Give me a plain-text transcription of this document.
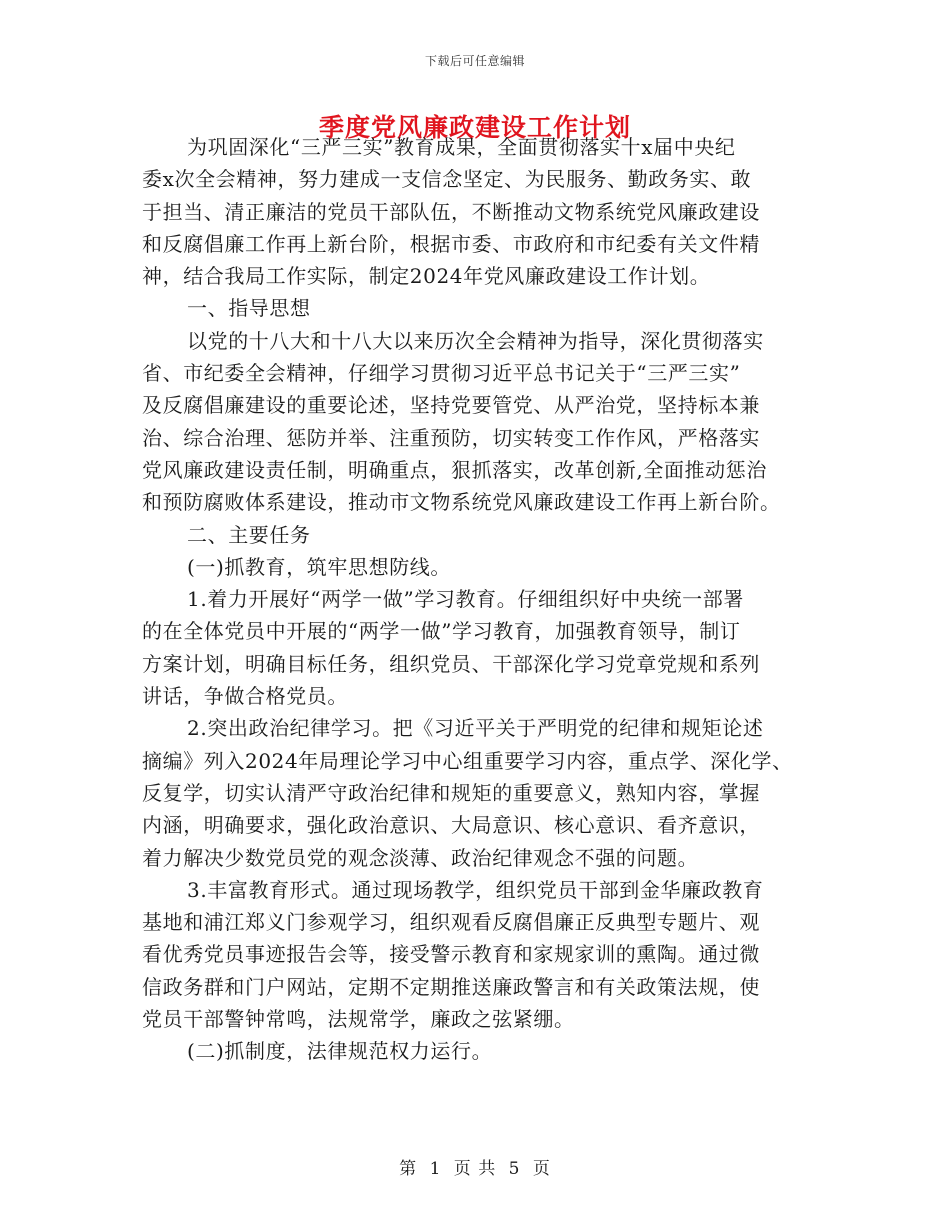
下载后可任意编辑
季度党风廉政建设工作计划
为巩固深化“三严三实”教育成果，全面贯彻落实十x届中央纪
委x次全会精神，努力建成一支信念坚定、为民服务、勤政务实、敢
于担当、清正廉洁的党员干部队伍，不断推动文物系统党风廉政建设
和反腐倡廉工作再上新台阶，根据市委、市政府和市纪委有关文件精
神，结合我局工作实际，制定2024年党风廉政建设工作计划。
一、指导思想
以党的十八大和十八大以来历次全会精神为指导，深化贯彻落实
省、市纪委全会精神，仔细学习贯彻习近平总书记关于“三严三实”
及反腐倡廉建设的重要论述，坚持党要管党、从严治党，坚持标本兼
治、综合治理、惩防并举、注重预防，切实转变工作作风，严格落实
党风廉政建设责任制，明确重点，狠抓落实，改革创新,全面推动惩治
和预防腐败体系建设，推动市文物系统党风廉政建设工作再上新台阶。
二、主要任务
(一)抓教育，筑牢思想防线。
1.着力开展好“两学一做”学习教育。仔细组织好中央统一部署
的在全体党员中开展的“两学一做”学习教育，加强教育领导，制订
方案计划，明确目标任务，组织党员、干部深化学习党章党规和系列
讲话，争做合格党员。
2.突出政治纪律学习。把《习近平关于严明党的纪律和规矩论述
摘编》列入2024年局理论学习中心组重要学习内容，重点学、深化学、
反复学，切实认清严守政治纪律和规矩的重要意义，熟知内容，掌握
内涵，明确要求，强化政治意识、大局意识、核心意识、看齐意识，
着力解决少数党员党的观念淡薄、政治纪律观念不强的问题。
3.丰富教育形式。通过现场教学，组织党员干部到金华廉政教育
基地和浦江郑义门参观学习，组织观看反腐倡廉正反典型专题片、观
看优秀党员事迹报告会等，接受警示教育和家规家训的熏陶。通过微
信政务群和门户网站，定期不定期推送廉政警言和有关政策法规，使
党员干部警钟常鸣，法规常学，廉政之弦紧绷。
(二)抓制度，法律规范权力运行。
第 1 页 共 5 页
